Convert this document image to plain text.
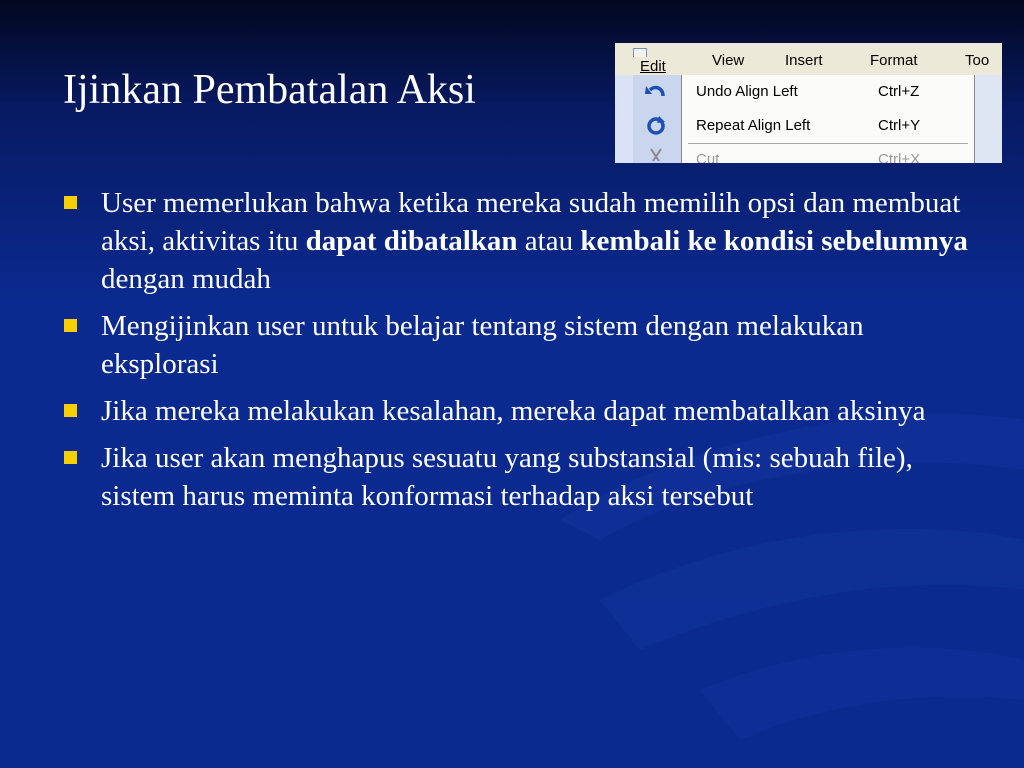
Ijinkan Pembatalan Aksi
Edit	View	Insert	Format	Too
Undo Align Left	Ctrl+Z
Repeat Align Left	Ctrl+Y
Cut	Ctrl+X
User memerlukan bahwa ketika mereka sudah memilih opsi dan membuat aksi, aktivitas itu dapat dibatalkan atau kembali ke kondisi sebelumnya dengan mudah
Mengijinkan user untuk belajar tentang sistem dengan melakukan eksplorasi
Jika mereka melakukan kesalahan, mereka dapat membatalkan aksinya
Jika user akan menghapus sesuatu yang substansial (mis: sebuah file), sistem harus meminta konformasi terhadap aksi tersebut
